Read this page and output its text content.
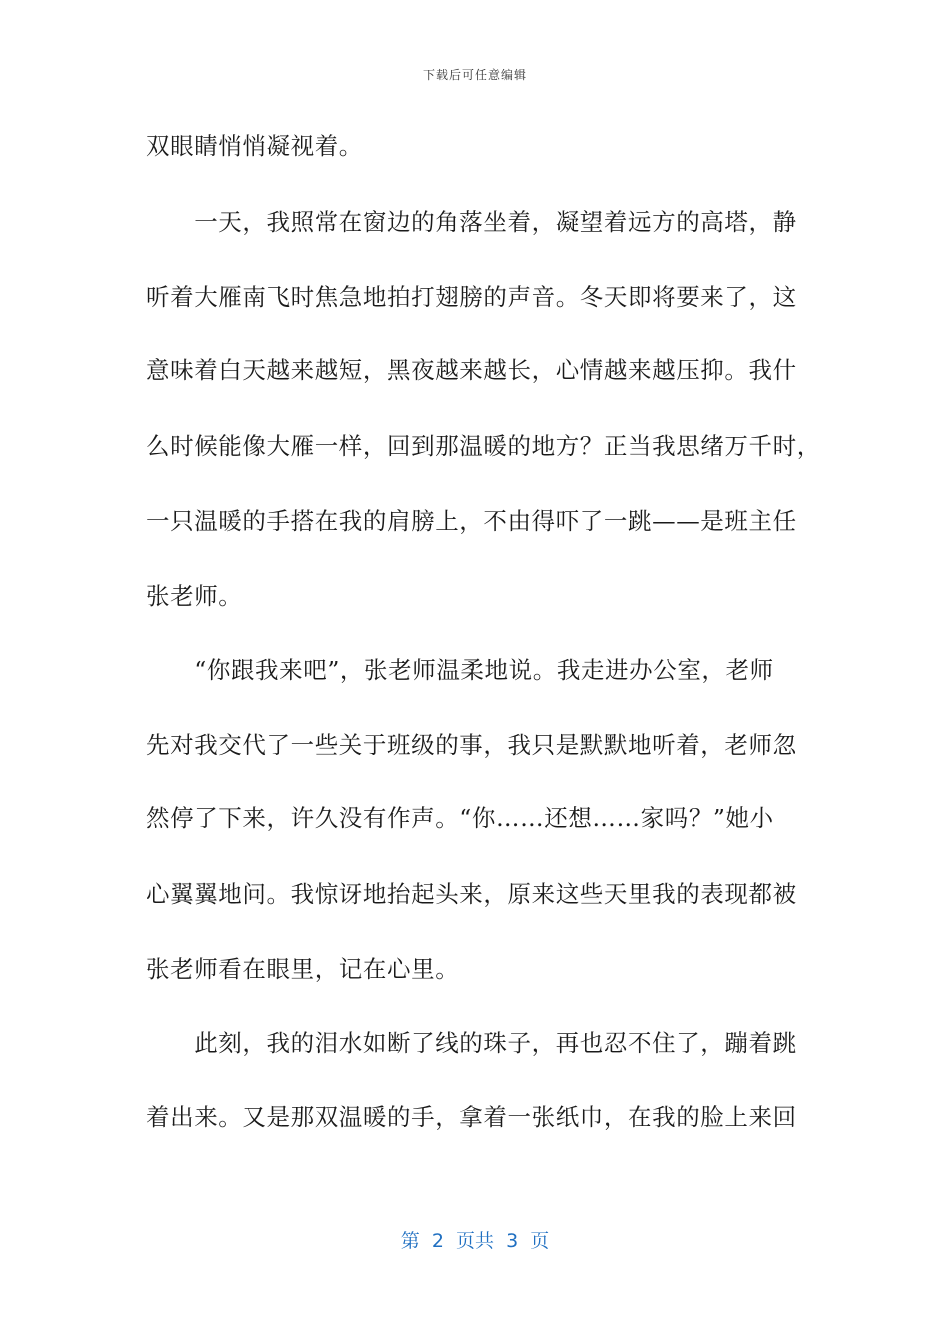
下载后可任意编辑
双眼睛悄悄凝视着。
　　一天，我照常在窗边的角落坐着，凝望着远方的高塔，静
听着大雁南飞时焦急地拍打翅膀的声音。冬天即将要来了，这
意味着白天越来越短，黑夜越来越长，心情越来越压抑。我什
么时候能像大雁一样，回到那温暖的地方？正当我思绪万千时，
一只温暖的手搭在我的肩膀上，不由得吓了一跳——是班主任
张老师。
　　“你跟我来吧”，张老师温柔地说。我走进办公室，老师
先对我交代了一些关于班级的事，我只是默默地听着，老师忽
然停了下来，许久没有作声。“你……还想……家吗？”她小
心翼翼地问。我惊讶地抬起头来，原来这些天里我的表现都被
张老师看在眼里，记在心里。
　　此刻，我的泪水如断了线的珠子，再也忍不住了，蹦着跳
着出来。又是那双温暖的手，拿着一张纸巾，在我的脸上来回
第  2  页共  3  页
